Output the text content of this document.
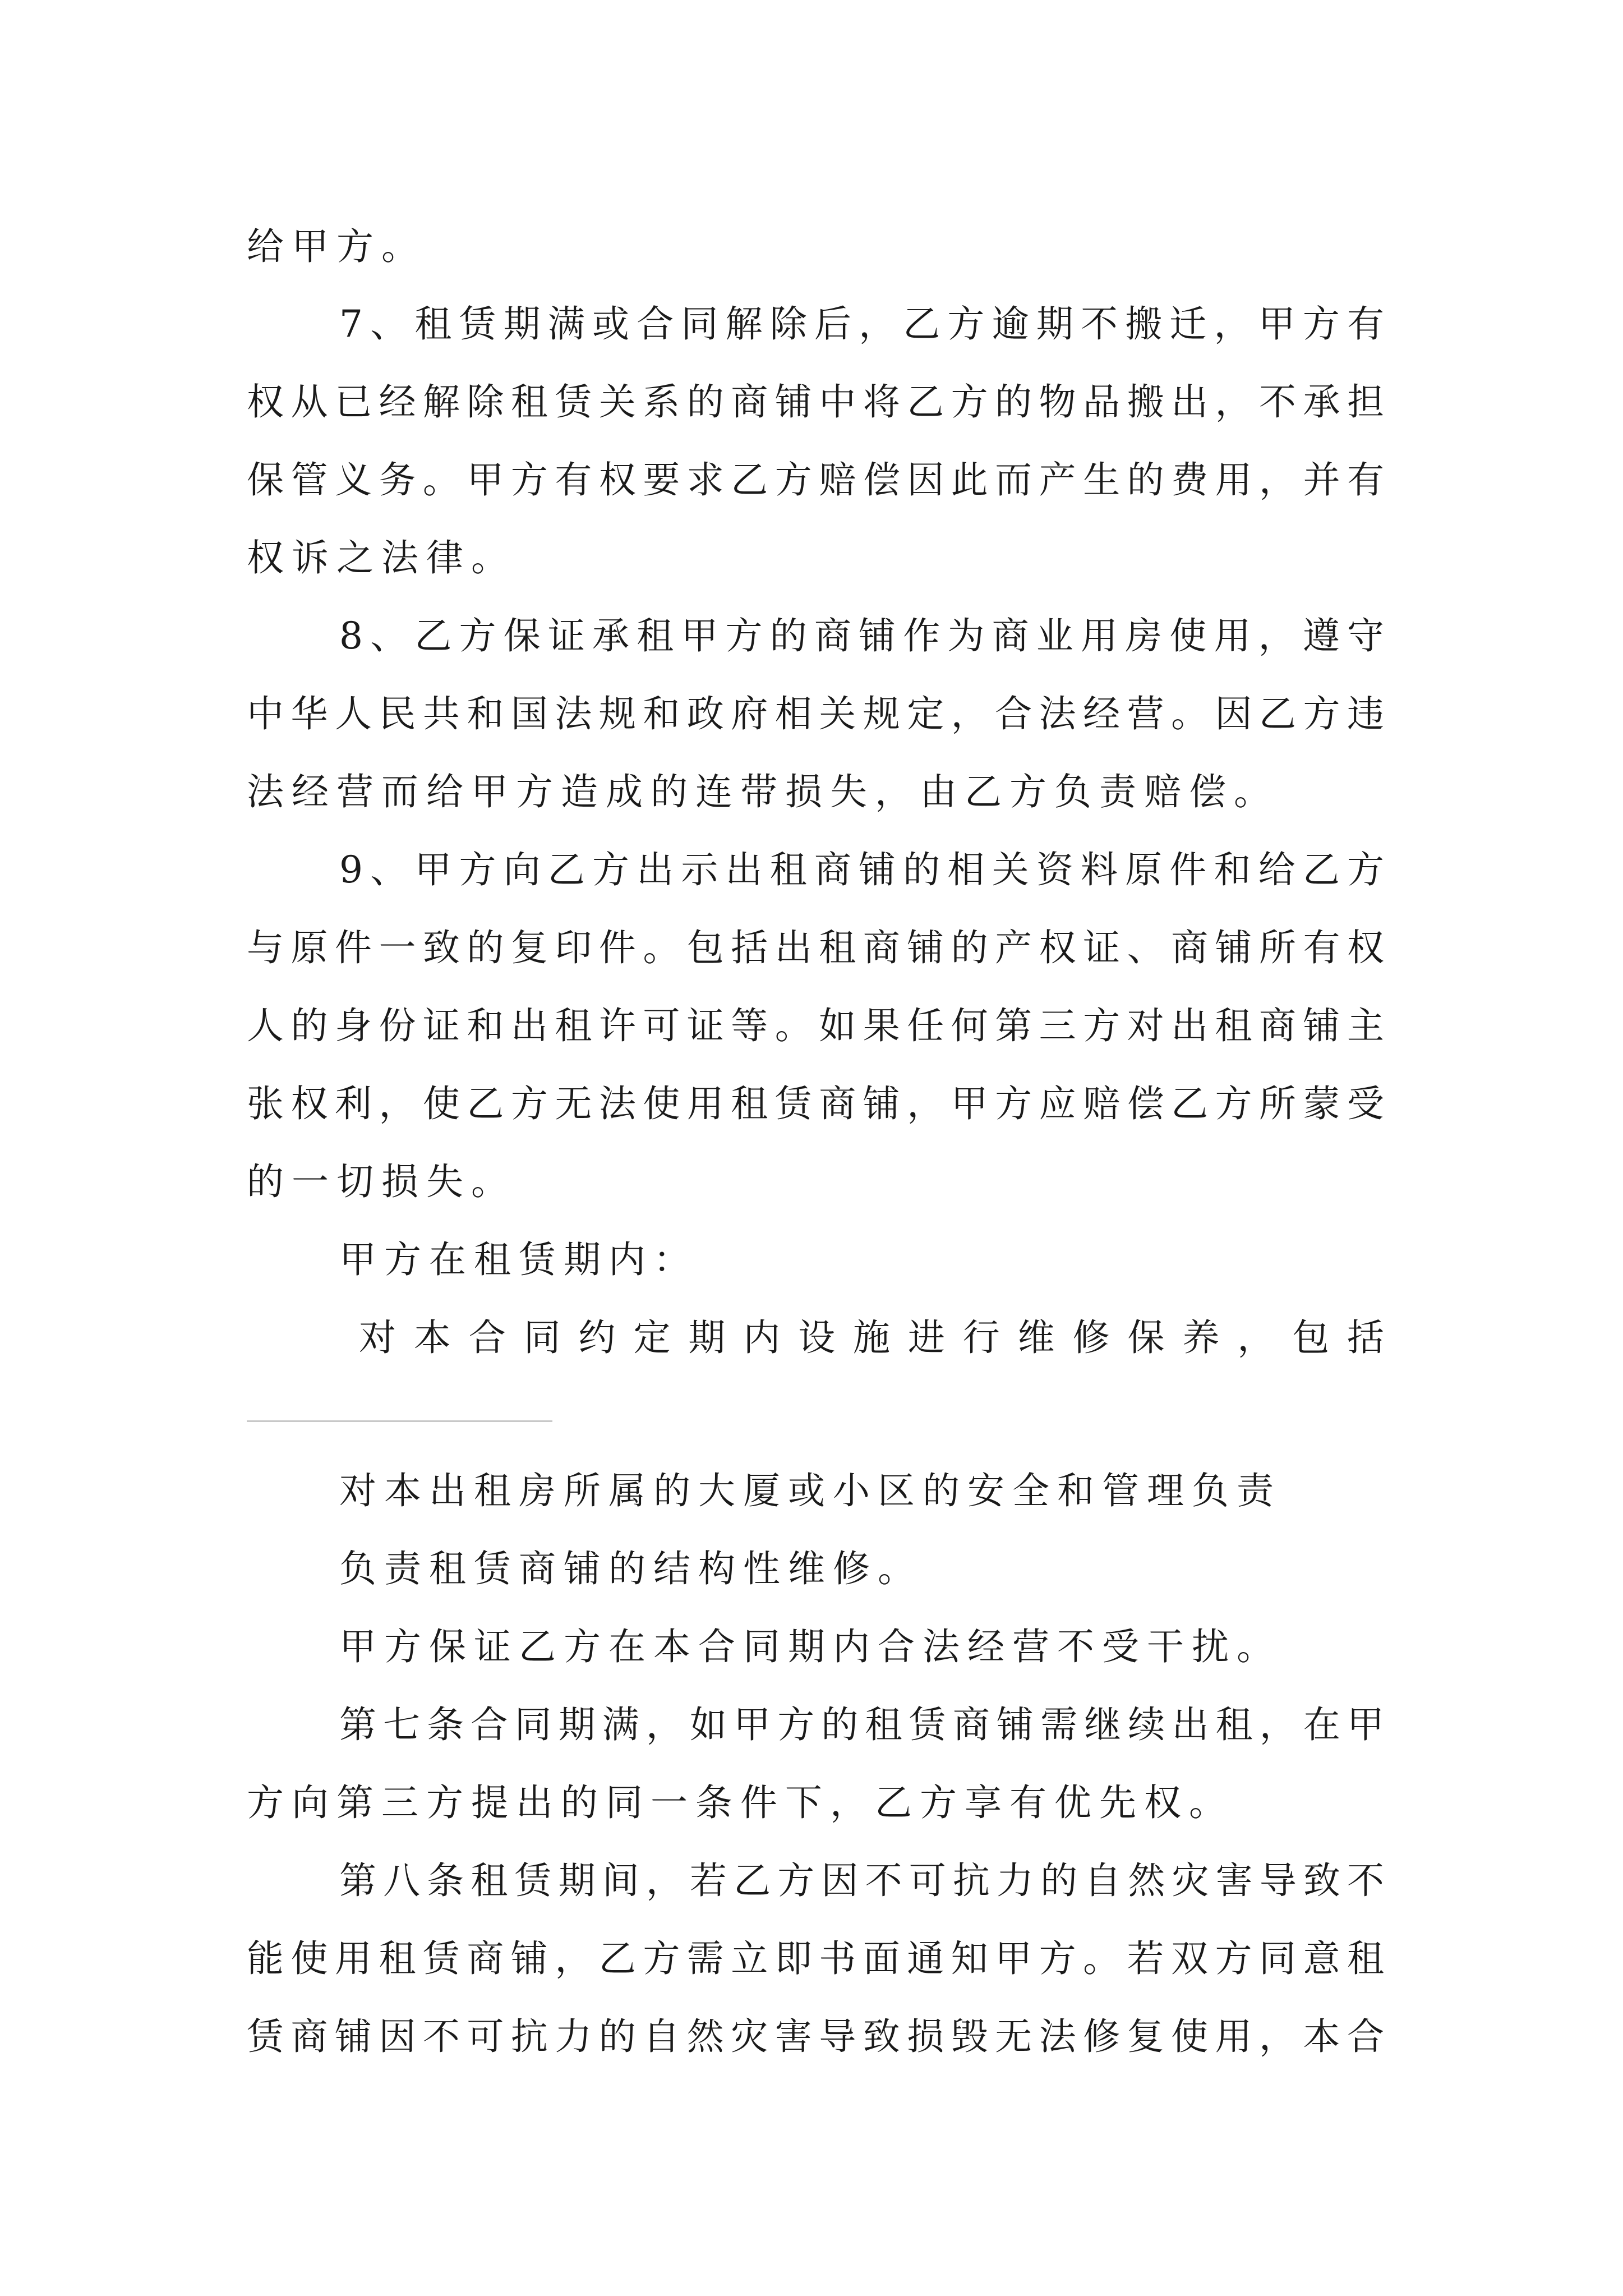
给甲方。
7、租赁期满或合同解除后，乙方逾期不搬迁，甲方有
权从已经解除租赁关系的商铺中将乙方的物品搬出，不承担
保管义务。甲方有权要求乙方赔偿因此而产生的费用，并有
权诉之法律。
8、乙方保证承租甲方的商铺作为商业用房使用，遵守
中华人民共和国法规和政府相关规定，合法经营。因乙方违
法经营而给甲方造成的连带损失，由乙方负责赔偿。
9、甲方向乙方出示出租商铺的相关资料原件和给乙方
与原件一致的复印件。包括出租商铺的产权证、商铺所有权
人的身份证和出租许可证等。如果任何第三方对出租商铺主
张权利，使乙方无法使用租赁商铺，甲方应赔偿乙方所蒙受
的一切损失。
甲方在租赁期内：
对本合同约定期内设施进行维修保养，包括
对本出租房所属的大厦或小区的安全和管理负责
负责租赁商铺的结构性维修。
甲方保证乙方在本合同期内合法经营不受干扰。
第七条合同期满，如甲方的租赁商铺需继续出租，在甲
方向第三方提出的同一条件下，乙方享有优先权。
第八条租赁期间，若乙方因不可抗力的自然灾害导致不
能使用租赁商铺，乙方需立即书面通知甲方。若双方同意租
赁商铺因不可抗力的自然灾害导致损毁无法修复使用，本合
